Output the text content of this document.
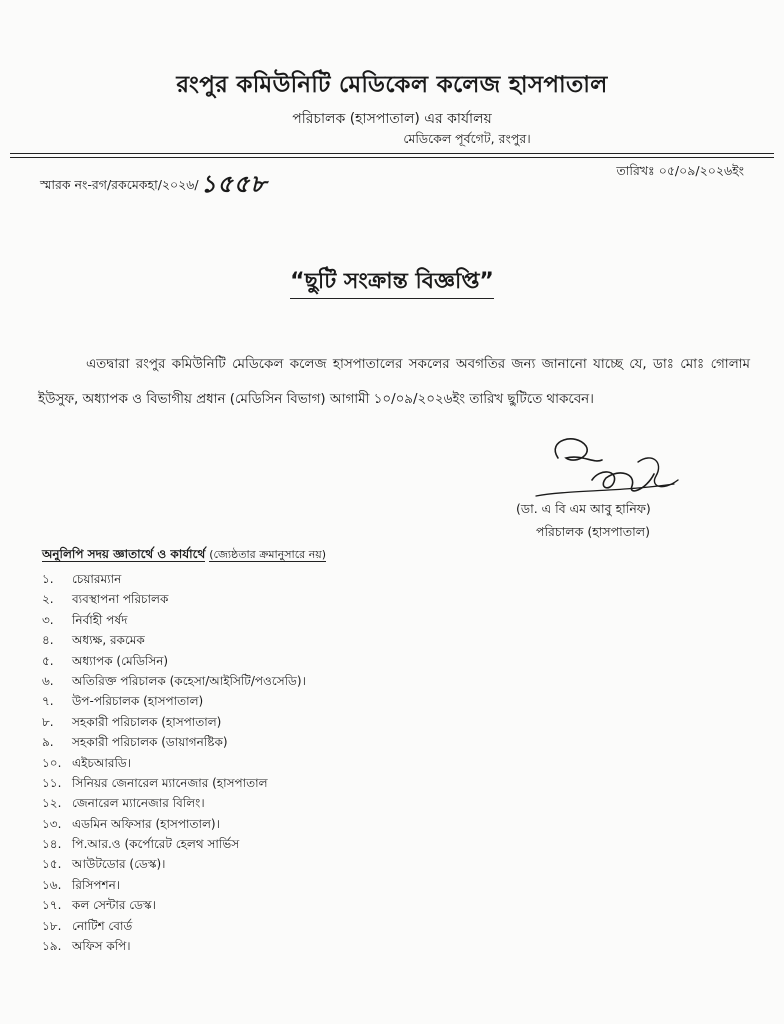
রংপুর কমিউনিটি মেডিকেল কলেজ হাসপাতাল
পরিচালক (হাসপাতাল) এর কার্যালয়
মেডিকেল পূর্বগেট, রংপুর।
স্মারক নং-রগ/রকমেকহা/২০২৬/১৫৫৮	তারিখঃ ০৫/০৯/২০২৬ইং
“ছুটি সংক্রান্ত বিজ্ঞপ্তি”
এতদ্বারা রংপুর কমিউনিটি মেডিকেল কলেজ হাসপাতালের সকলের অবগতির জন্য জানানো যাচ্ছে যে, ডাঃ মোঃ গোলাম ইউসুফ, অধ্যাপক ও বিভাগীয় প্রধান (মেডিসিন বিভাগ) আগামী ১০/০৯/২০২৬ইং তারিখ ছুটিতে থাকবেন।
(ডা. এ বি এম আবু হানিফ)
পরিচালক (হাসপাতাল)
অনুলিপি সদয় জ্ঞাতার্থে ও কার্যার্থে (জ্যেষ্ঠতার ক্রমানুসারে নয়)
১.	চেয়ারম্যান
২.	ব্যবস্থাপনা পরিচালক
৩.	নির্বাহী পর্ষদ
৪.	অধ্যক্ষ, রকমেক
৫.	অধ্যাপক (মেডিসিন)
৬.	অতিরিক্ত পরিচালক (কহেসা/আইসিটি/পওসেডি)।
৭.	উপ-পরিচালক (হাসপাতাল)
৮.	সহকারী পরিচালক (হাসপাতাল)
৯.	সহকারী পরিচালক (ডায়াগনষ্টিক)
১০. এইচআরডি।
১১. সিনিয়র জেনারেল ম্যানেজার (হাসপাতাল
১২. জেনারেল ম্যানেজার বিলিং।
১৩. এডমিন অফিসার (হাসপাতাল)।
১৪. পি.আর.ও (কর্পোরেট হেলথ সার্ভিস
১৫. আউটডোর (ডেস্ক)।
১৬. রিসিপশন।
১৭. কল সেন্টার ডেস্ক।
১৮. নোটিশ বোর্ড
১৯. অফিস কপি।
